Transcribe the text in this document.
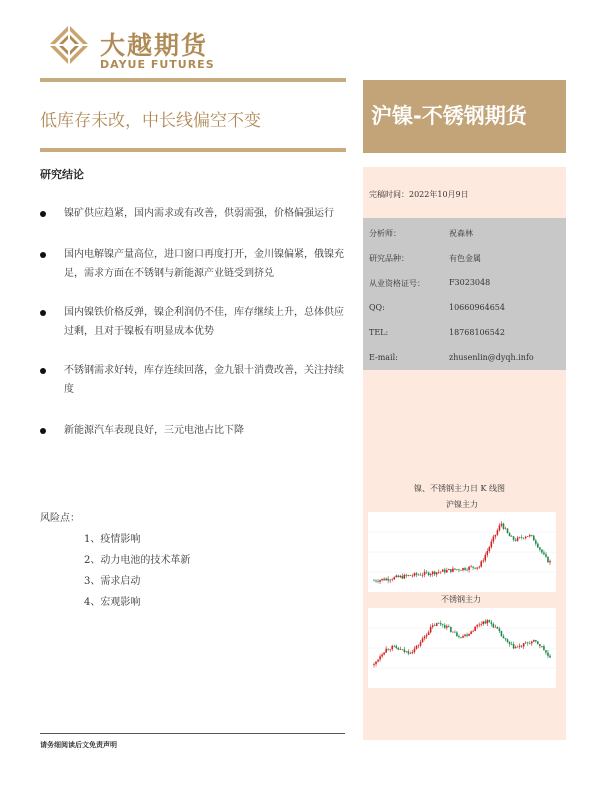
大越期货
DAYUE FUTURES
低库存未改，中长线偏空不变	沪镍-不锈钢期货
研究结论
镍矿供应趋紧，国内需求或有改善，供弱需强，价格偏强运行
国内电解镍产量高位，进口窗口再度打开，金川镍偏紧，俄镍充足，需求方面在不锈钢与新能源产业链受到挤兑
国内镍铁价格反弹，镍企利润仍不佳，库存继续上升，总体供应过剩，且对于镍板有明显成本优势
不锈钢需求好转，库存连续回落，金九银十消费改善，关注持续度
新能源汽车表现良好，三元电池占比下降
风险点：
1、疫情影响
2、动力电池的技术革新
3、需求启动
4、宏观影响
请务细阅读后文免责声明
完稿时间：2022年10月9日
分析师：	祝森林
研究品种：	有色金属
从业资格证号：	F3023048
QQ:	10660964654
TEL:	18768106542
E-mail:	zhusenlin@dyqh.info
镍、不锈钢主力日 K 线图
沪镍主力
不锈钢主力
